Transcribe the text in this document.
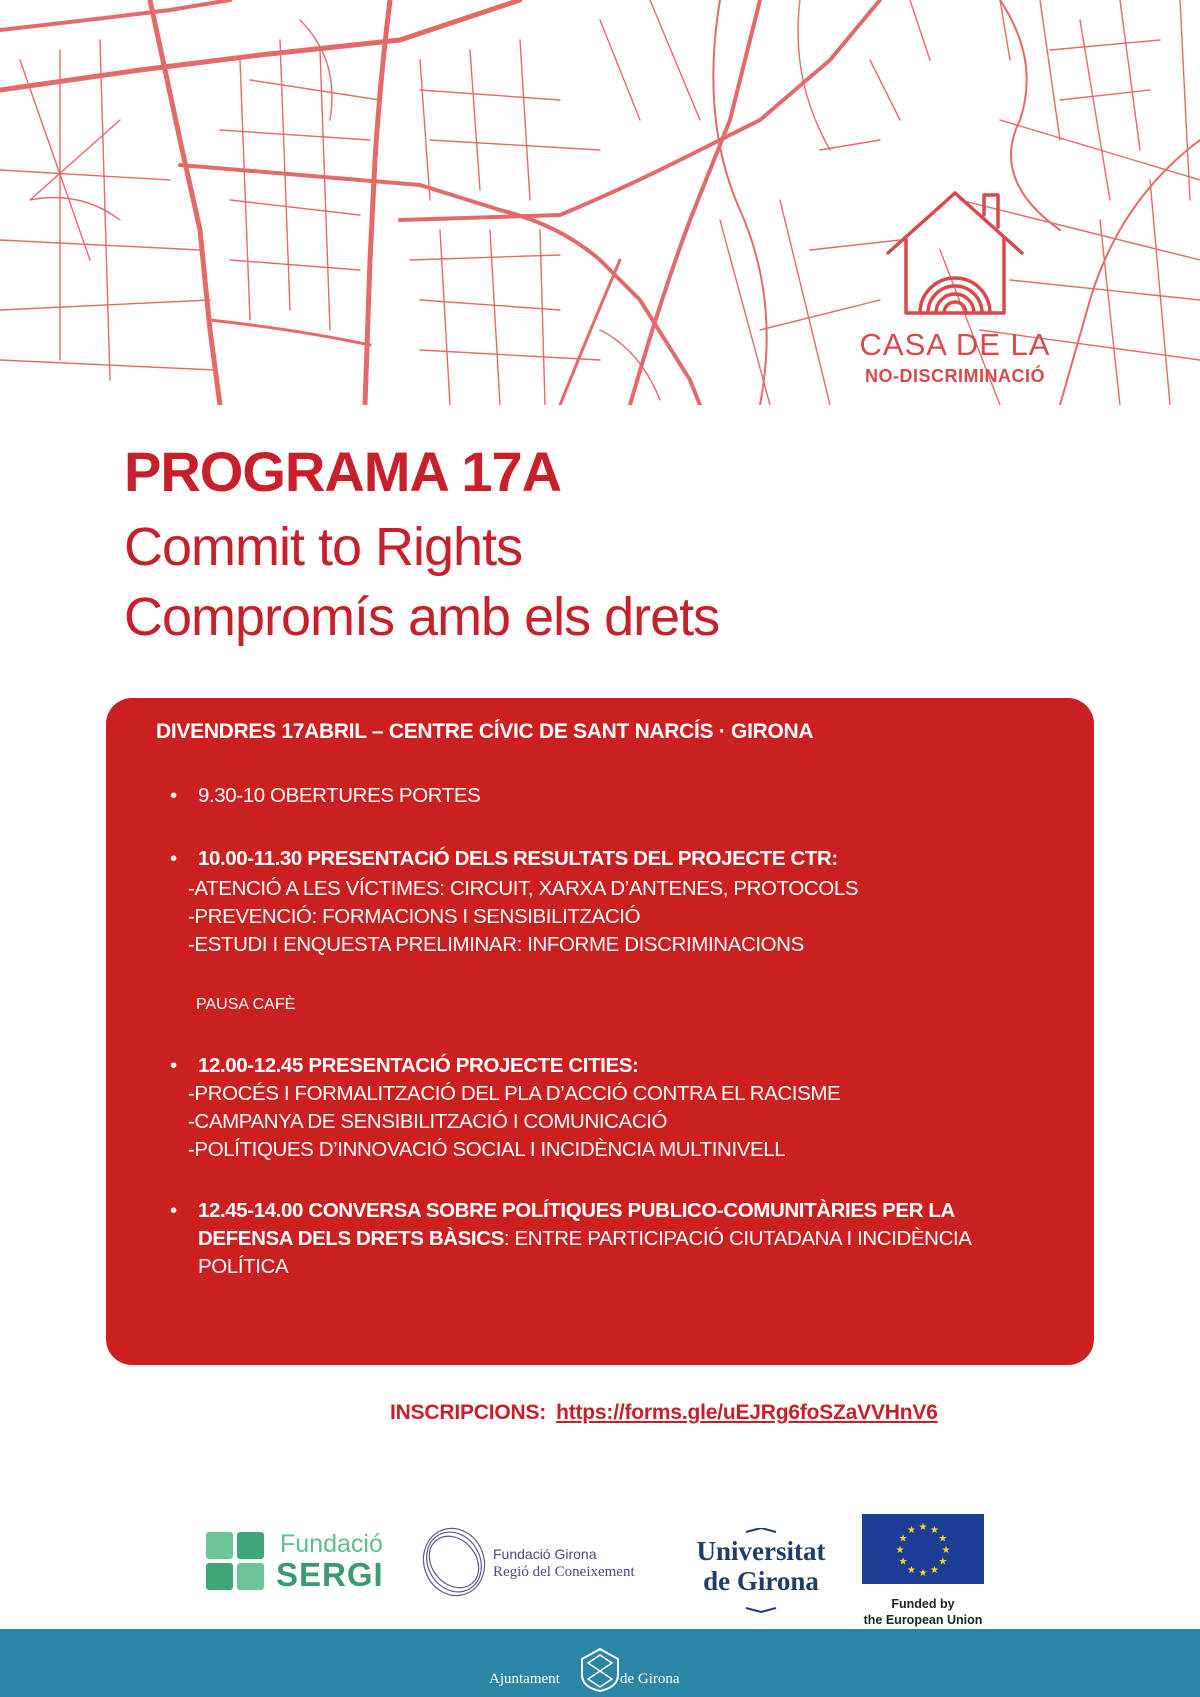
CASA DE LA
NO-DISCRIMINACIÓ
PROGRAMA 17A
Commit to Rights
Compromís amb els drets
DIVENDRES 17ABRIL – CENTRE CÍVIC DE SANT NARCÍS · GIRONA
•	9.30-10 OBERTURES PORTES
•	10.00-11.30 PRESENTACIÓ DELS RESULTATS DEL PROJECTE CTR:
-ATENCIÓ A LES VÍCTIMES: CIRCUIT, XARXA D’ANTENES, PROTOCOLS
-PREVENCIÓ: FORMACIONS I SENSIBILITZACIÓ
-ESTUDI I ENQUESTA PRELIMINAR: INFORME DISCRIMINACIONS
PAUSA CAFÈ
•	12.00-12.45 PRESENTACIÓ PROJECTE CITIES:
-PROCÉS I FORMALITZACIÓ DEL PLA D’ACCIÓ CONTRA EL RACISME
-CAMPANYA DE SENSIBILITZACIÓ I COMUNICACIÓ
-POLÍTIQUES D’INNOVACIÓ SOCIAL I INCIDÈNCIA MULTINIVELL
•	12.45-14.00 CONVERSA SOBRE POLÍTIQUES PUBLICO-COMUNITÀRIES PER LA DEFENSA DELS DRETS BÀSICS: ENTRE PARTICIPACIÓ CIUTADANA I INCIDÈNCIA POLÍTICA
INSCRIPCIONS: https://forms.gle/uEJRg6foSZaVVHnV6
Fundació
SERGI
Fundació Girona
Regió del Coneixement
Universitat
de Girona
★
★
★
★
★
★
★
★
★ ★ ★
★
Funded by
the European Union
Ajuntament	de Girona
